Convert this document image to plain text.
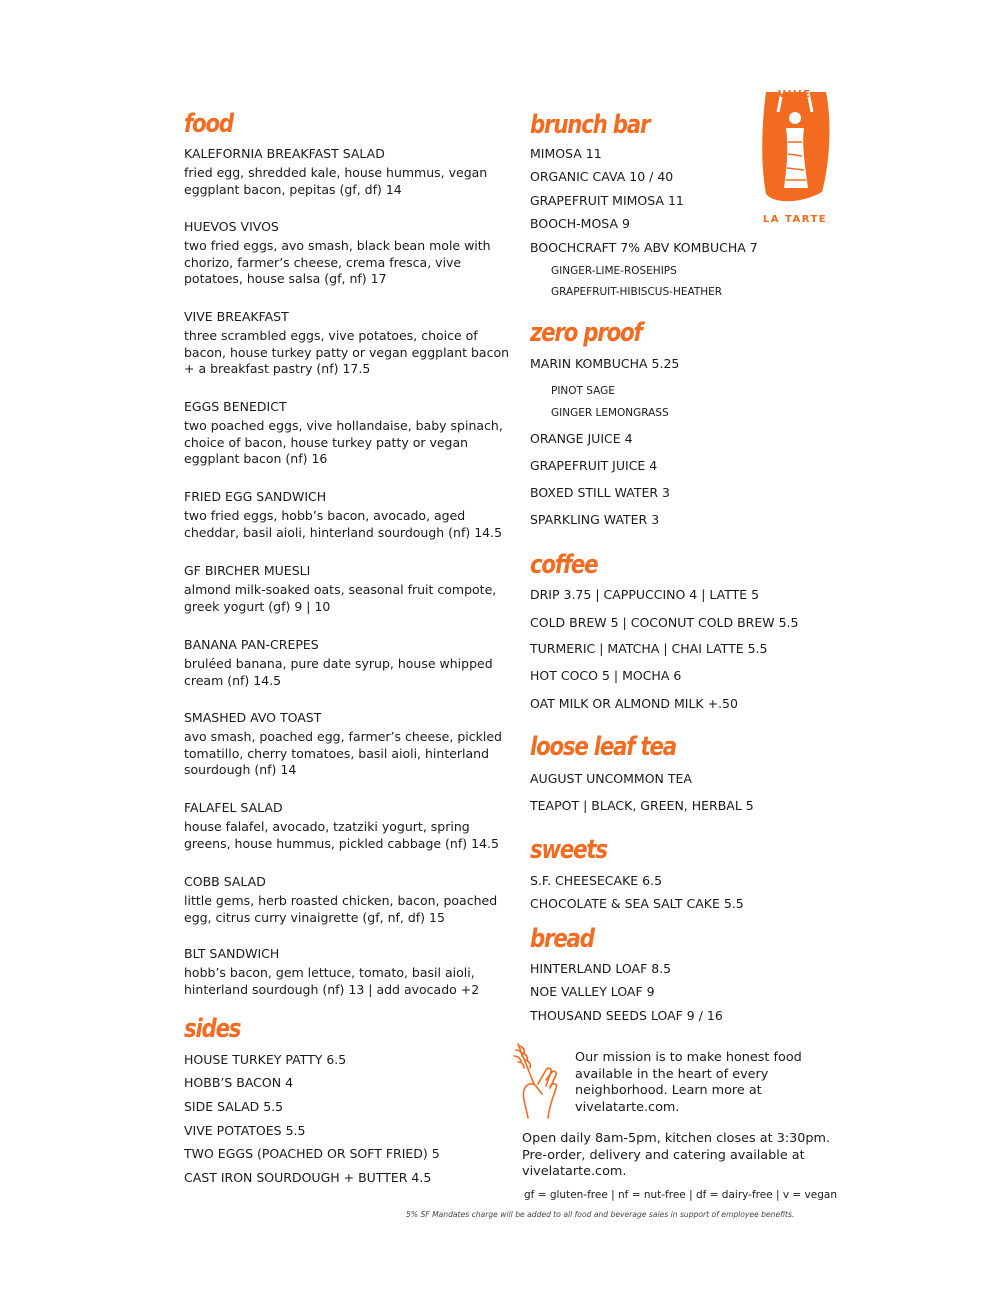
VIVE
LA TARTE
food
KALEFORNIA BREAKFAST SALAD
fried egg, shredded kale, house hummus, vegan eggplant bacon, pepitas (gf, df) 14
HUEVOS VIVOS
two fried eggs, avo smash, black bean mole with chorizo, farmer’s cheese, crema fresca, vive potatoes, house salsa (gf, nf) 17
VIVE BREAKFAST
three scrambled eggs, vive potatoes, choice of bacon, house turkey patty or vegan eggplant bacon + a breakfast pastry (nf) 17.5
EGGS BENEDICT
two poached eggs, vive hollandaise, baby spinach, choice of bacon, house turkey patty or vegan eggplant bacon (nf) 16
FRIED EGG SANDWICH
two fried eggs, hobb’s bacon, avocado, aged cheddar, basil aioli, hinterland sourdough (nf) 14.5
GF BIRCHER MUESLI
almond milk-soaked oats, seasonal fruit compote, greek yogurt (gf) 9 | 10
BANANA PAN-CREPES
bruléed banana, pure date syrup, house whipped cream (nf) 14.5
SMASHED AVO TOAST
avo smash, poached egg, farmer’s cheese, pickled tomatillo, cherry tomatoes, basil aioli, hinterland sourdough (nf) 14
FALAFEL SALAD
house falafel, avocado, tzatziki yogurt, spring greens, house hummus, pickled cabbage (nf) 14.5
COBB SALAD
little gems, herb roasted chicken, bacon, poached egg, citrus curry vinaigrette (gf, nf, df) 15
BLT SANDWICH
hobb’s bacon, gem lettuce, tomato, basil aioli, hinterland sourdough (nf) 13 | add avocado +2
sides
HOUSE TURKEY PATTY 6.5
HOBB’S BACON 4
SIDE SALAD 5.5
VIVE POTATOES 5.5
TWO EGGS (POACHED OR SOFT FRIED) 5
CAST IRON SOURDOUGH + BUTTER 4.5
brunch bar
MIMOSA 11
ORGANIC CAVA 10 / 40
GRAPEFRUIT MIMOSA 11
BOOCH-MOSA 9
BOOCHCRAFT 7% ABV KOMBUCHA 7
GINGER-LIME-ROSEHIPS
GRAPEFRUIT-HIBISCUS-HEATHER
zero proof
MARIN KOMBUCHA 5.25
PINOT SAGE
GINGER LEMONGRASS
ORANGE JUICE 4
GRAPEFRUIT JUICE 4
BOXED STILL WATER 3
SPARKLING WATER 3
coffee
DRIP 3.75 | CAPPUCCINO 4 | LATTE 5
COLD BREW 5 | COCONUT COLD BREW 5.5
TURMERIC | MATCHA | CHAI LATTE 5.5
HOT COCO 5 | MOCHA 6
OAT MILK OR ALMOND MILK +.50
loose leaf tea
AUGUST UNCOMMON TEA
TEAPOT | BLACK, GREEN, HERBAL 5
sweets
S.F. CHEESECAKE 6.5
CHOCOLATE & SEA SALT CAKE 5.5
bread
HINTERLAND LOAF 8.5
NOE VALLEY LOAF 9
THOUSAND SEEDS LOAF 9 / 16
Our mission is to make honest food available in the heart of every neighborhood. Learn more at vivelatarte.com.
Open daily 8am-5pm, kitchen closes at 3:30pm. Pre-order, delivery and catering available at vivelatarte.com.
gf = gluten-free | nf = nut-free | df = dairy-free | v = vegan
5% SF Mandates charge will be added to all food and beverage sales in support of employee benefits.
